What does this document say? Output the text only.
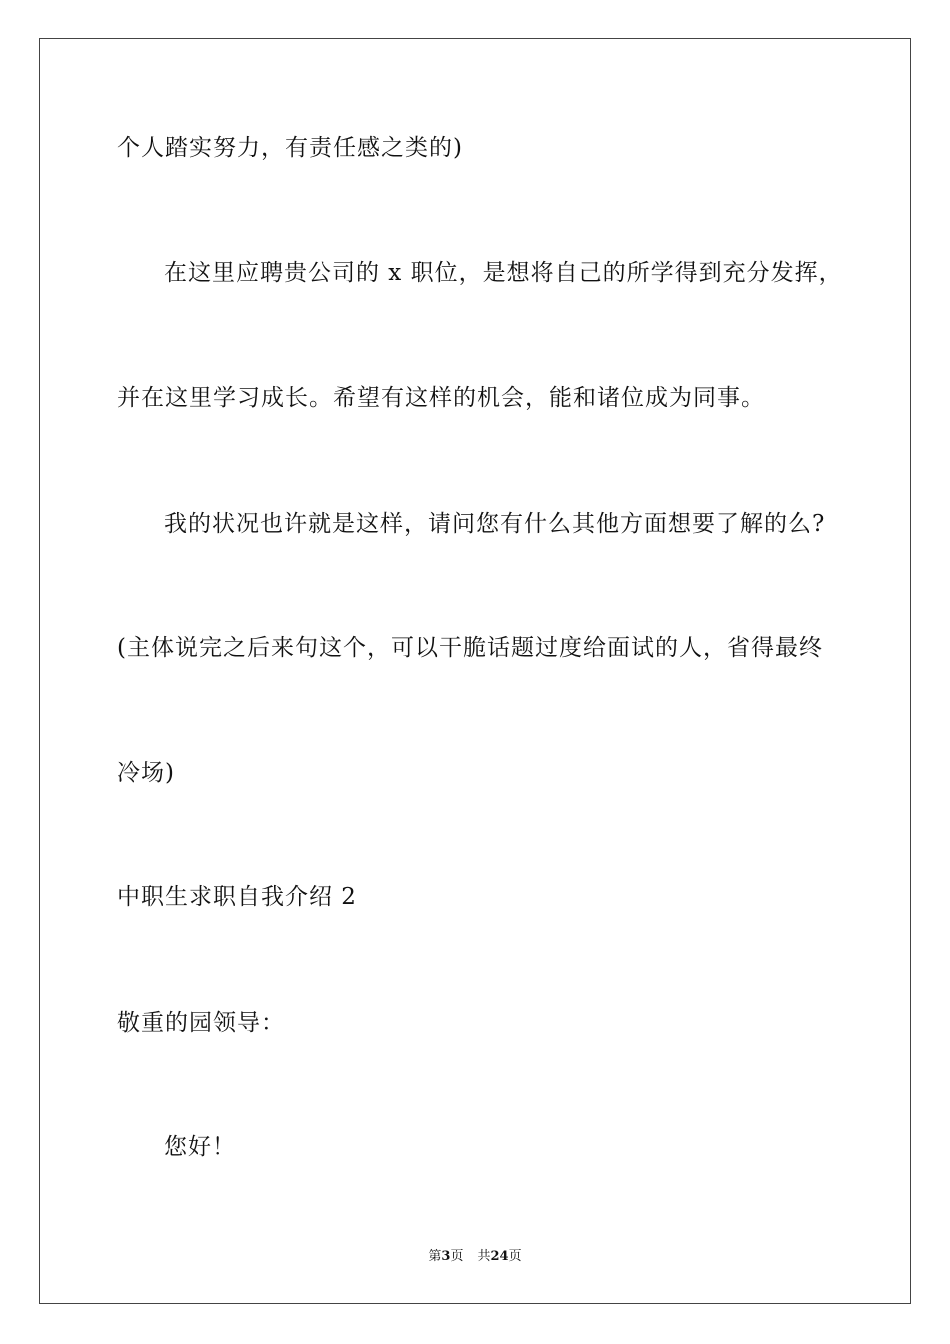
个人踏实努力，有责任感之类的)
在这里应聘贵公司的 x 职位，是想将自己的所学得到充分发挥，
并在这里学习成长。希望有这样的机会，能和诸位成为同事。
我的状况也许就是这样，请问您有什么其他方面想要了解的么?
(主体说完之后来句这个，可以干脆话题过度给面试的人，省得最终
冷场)
中职生求职自我介绍 2
敬重的园领导：
您好！
第3页 共24页
